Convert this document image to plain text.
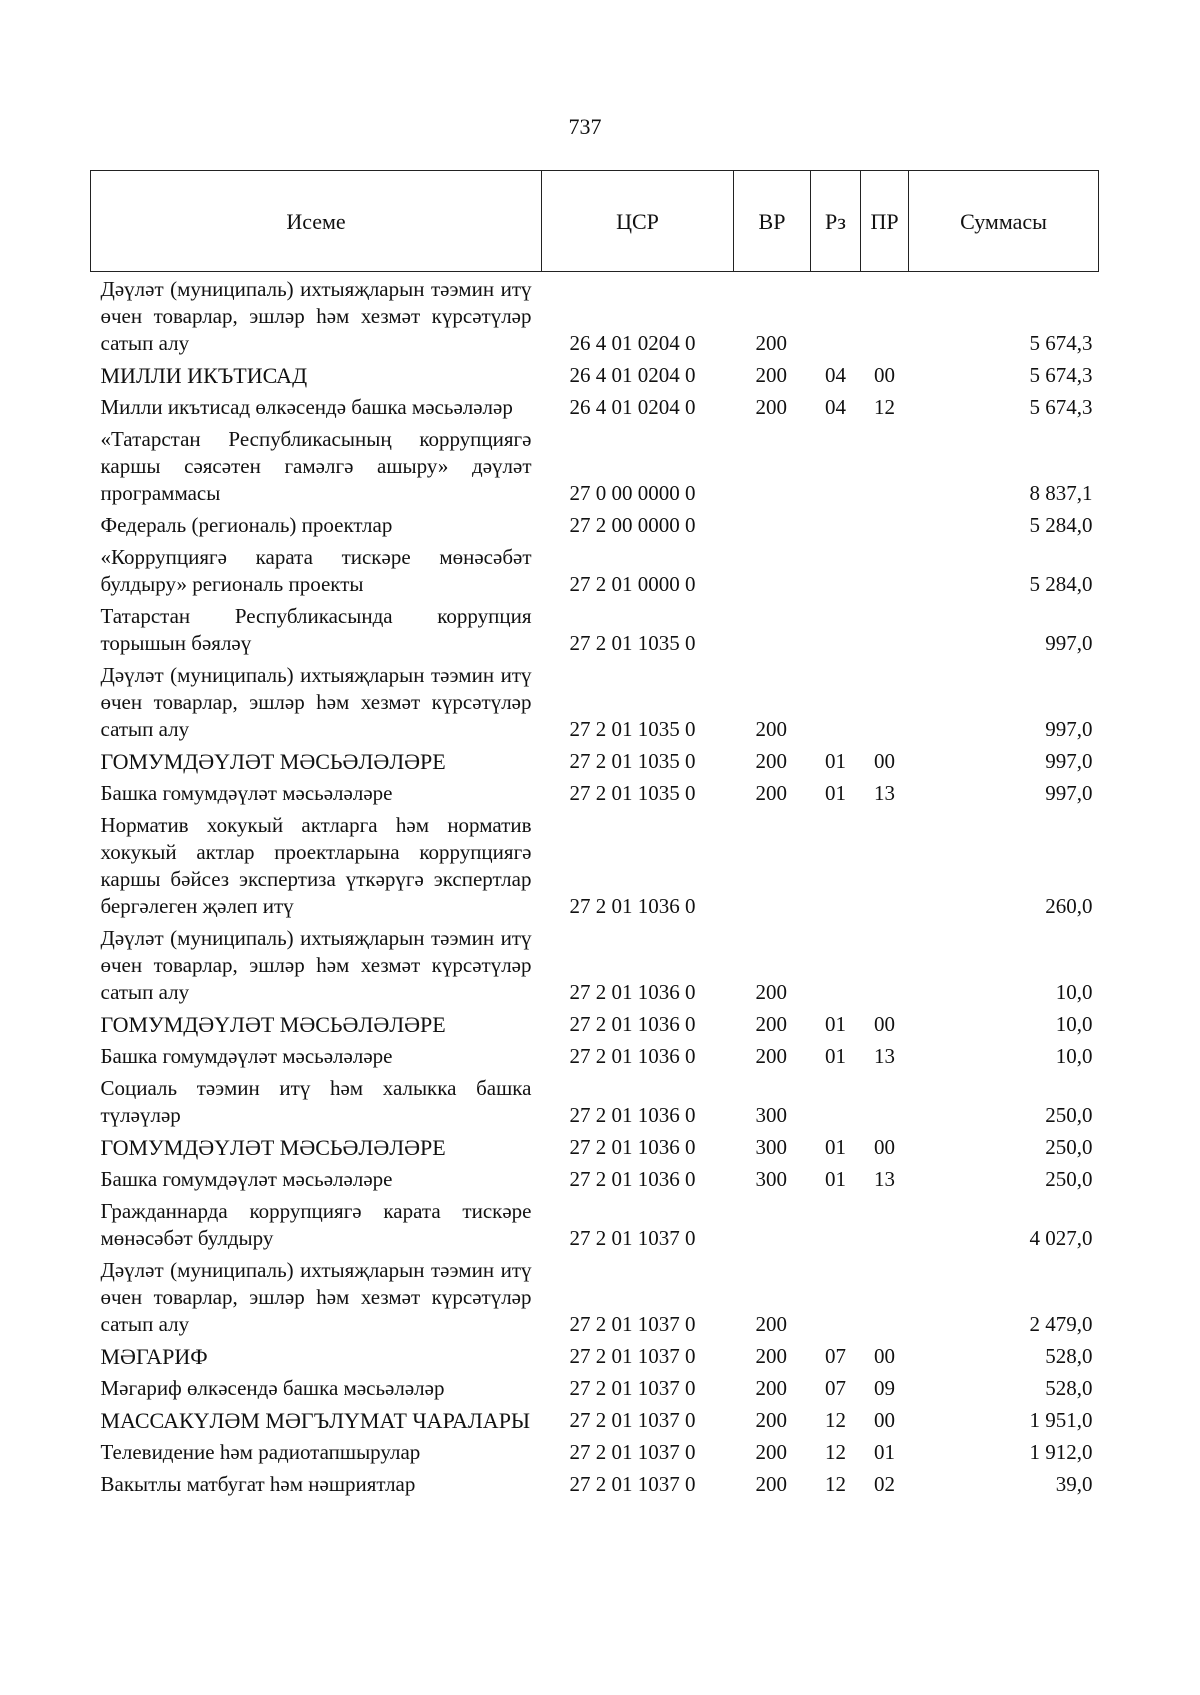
737
Исеме	ЦСР	ВР	Рз	ПР	Суммасы
Дәүләт (муниципаль) ихтыяҗларын тәэмин итү өчен товарлар, эшләр һәм хезмәт күрсәтүләр сатып алу	26 4 01 0204 0	200			5 674,3
МИЛЛИ ИКЪТИСАД	26 4 01 0204 0	200	04	00	5 674,3
Милли икътисад өлкәсендә башка мәсьәләләр	26 4 01 0204 0	200	04	12	5 674,3
«Татарстан Республикасының коррупциягә каршы сәясәтен гамәлгә ашыру» дәүләт программасы	27 0 00 0000 0				8 837,1
Федераль (региональ) проектлар	27 2 00 0000 0				5 284,0
«Коррупциягә карата тискәре мөнәсәбәт булдыру» региональ проекты	27 2 01 0000 0				5 284,0
Татарстан Республикасында коррупция торышын бәяләү	27 2 01 1035 0				997,0
Дәүләт (муниципаль) ихтыяҗларын тәэмин итү өчен товарлар, эшләр һәм хезмәт күрсәтүләр сатып алу	27 2 01 1035 0	200			997,0
ГОМУМДӘҮЛӘТ МӘСЬӘЛӘЛӘРЕ	27 2 01 1035 0	200	01	00	997,0
Башка гомумдәүләт мәсьәләләре	27 2 01 1035 0	200	01	13	997,0
Норматив хокукый актларга һәм норматив хокукый актлар проектларына коррупциягә каршы бәйсез экспертиза үткәрүгә экспертлар бергәлеген җәлеп итү	27 2 01 1036 0				260,0
Дәүләт (муниципаль) ихтыяҗларын тәэмин итү өчен товарлар, эшләр һәм хезмәт күрсәтүләр сатып алу	27 2 01 1036 0	200			10,0
ГОМУМДӘҮЛӘТ МӘСЬӘЛӘЛӘРЕ	27 2 01 1036 0	200	01	00	10,0
Башка гомумдәүләт мәсьәләләре	27 2 01 1036 0	200	01	13	10,0
Социаль тәэмин итү һәм халыкка башка түләүләр	27 2 01 1036 0	300			250,0
ГОМУМДӘҮЛӘТ МӘСЬӘЛӘЛӘРЕ	27 2 01 1036 0	300	01	00	250,0
Башка гомумдәүләт мәсьәләләре	27 2 01 1036 0	300	01	13	250,0
Гражданнарда коррупциягә карата тискәре мөнәсәбәт булдыру	27 2 01 1037 0				4 027,0
Дәүләт (муниципаль) ихтыяҗларын тәэмин итү өчен товарлар, эшләр һәм хезмәт күрсәтүләр сатып алу	27 2 01 1037 0	200			2 479,0
МӘГАРИФ	27 2 01 1037 0	200	07	00	528,0
Мәгариф өлкәсендә башка мәсьәләләр	27 2 01 1037 0	200	07	09	528,0
МАССАКҮЛӘМ МӘГЪЛҮМАТ ЧАРАЛАРЫ	27 2 01 1037 0	200	12	00	1 951,0
Телевидение һәм радиотапшырулар	27 2 01 1037 0	200	12	01	1 912,0
Вакытлы матбугат һәм нәшриятлар	27 2 01 1037 0	200	12	02	39,0
